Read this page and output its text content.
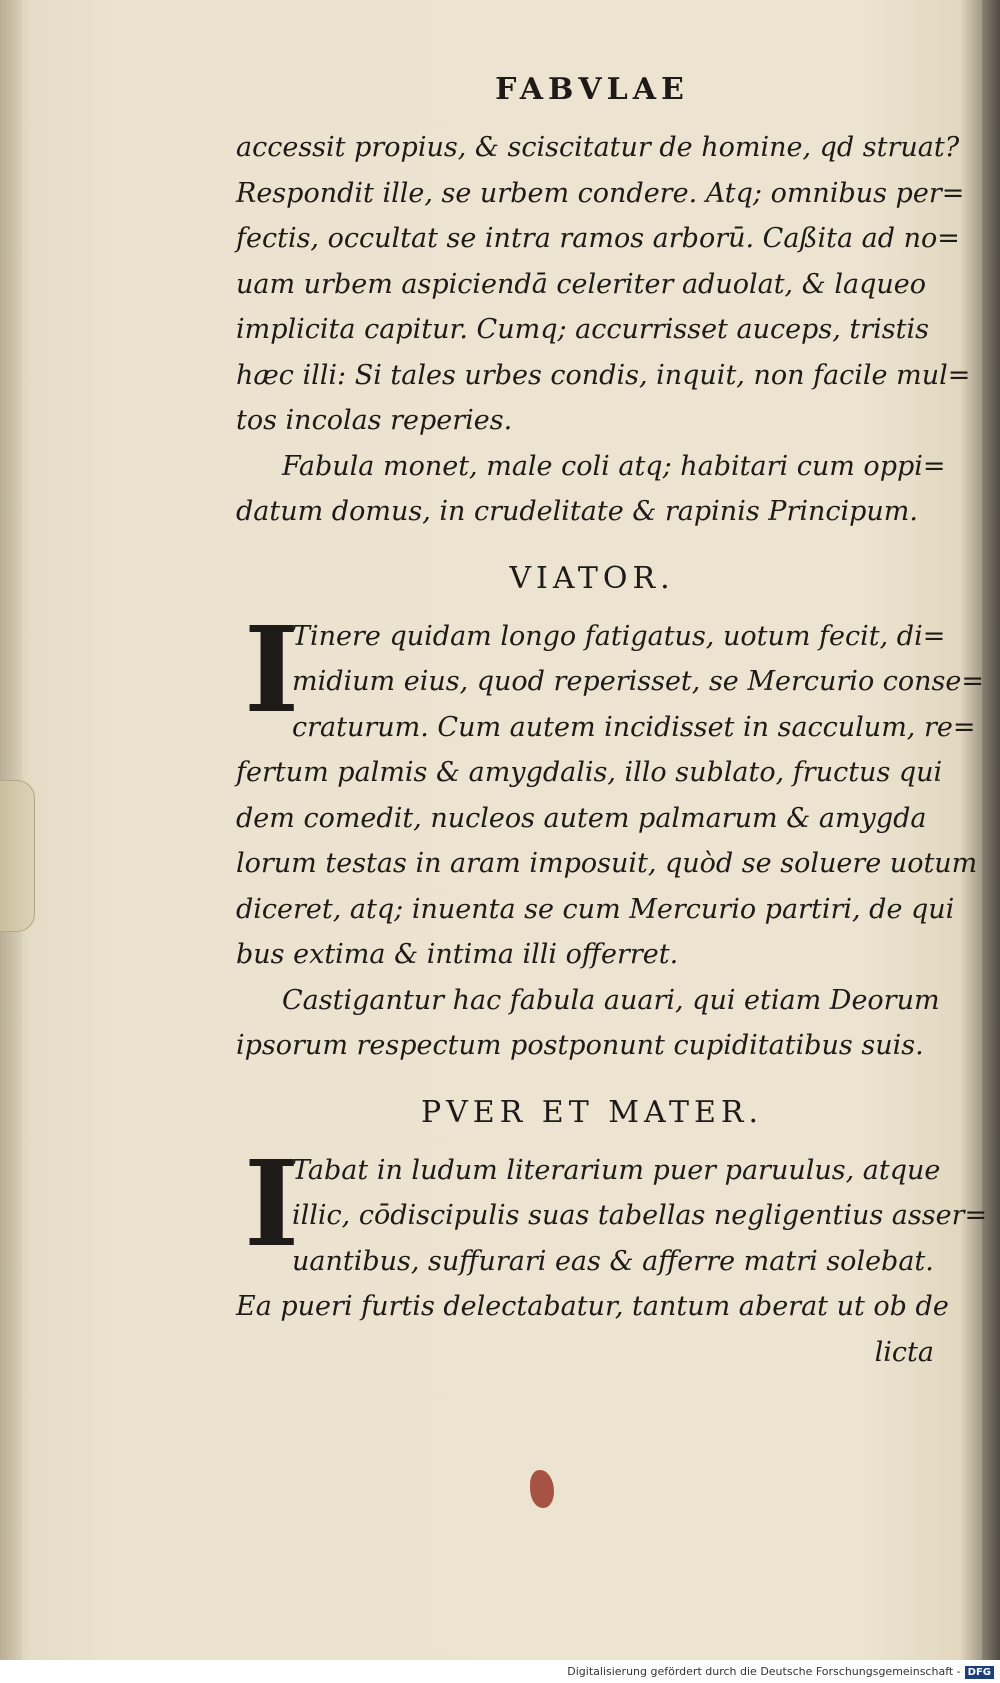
FABVLAE
accessit propius, & sciscitatur de homine, qd struat?
Respondit ille, se urbem condere. Atq; omnibus per=
fectis, occultat se intra ramos arborū. Caßita ad no=
uam urbem aspiciendā celeriter aduolat, & laqueo
implicita capitur. Cumq; accurrisset auceps, tristis
hæc illi: Si tales urbes condis, inquit, non facile mul=
tos incolas reperies.
Fabula monet, male coli atq; habitari cum oppi=
datum domus, in crudelitate & rapinis Principum.
VIATOR.
I
Tinere quidam longo fatigatus, uotum fecit, di=
midium eius, quod reperisset, se Mercurio conse=
craturum. Cum autem incidisset in sacculum, re=
fertum palmis & amygdalis, illo sublato, fructus qui
dem comedit, nucleos autem palmarum & amygda
lorum testas in aram imposuit, quòd se soluere uotum
diceret, atq; inuenta se cum Mercurio partiri, de qui
bus extima & intima illi offerret.
Castigantur hac fabula auari, qui etiam Deorum
ipsorum respectum postponunt cupiditatibus suis.
PVER ET MATER.
I
Tabat in ludum literarium puer paruulus, atque
illic, cōdiscipulis suas tabellas negligentius asser=
uantibus, suffurari eas & afferre matri solebat.
Ea pueri furtis delectabatur, tantum aberat ut ob de
licta
Digitalisierung gefördert durch die Deutsche Forschungsgemeinschaft - DFG
